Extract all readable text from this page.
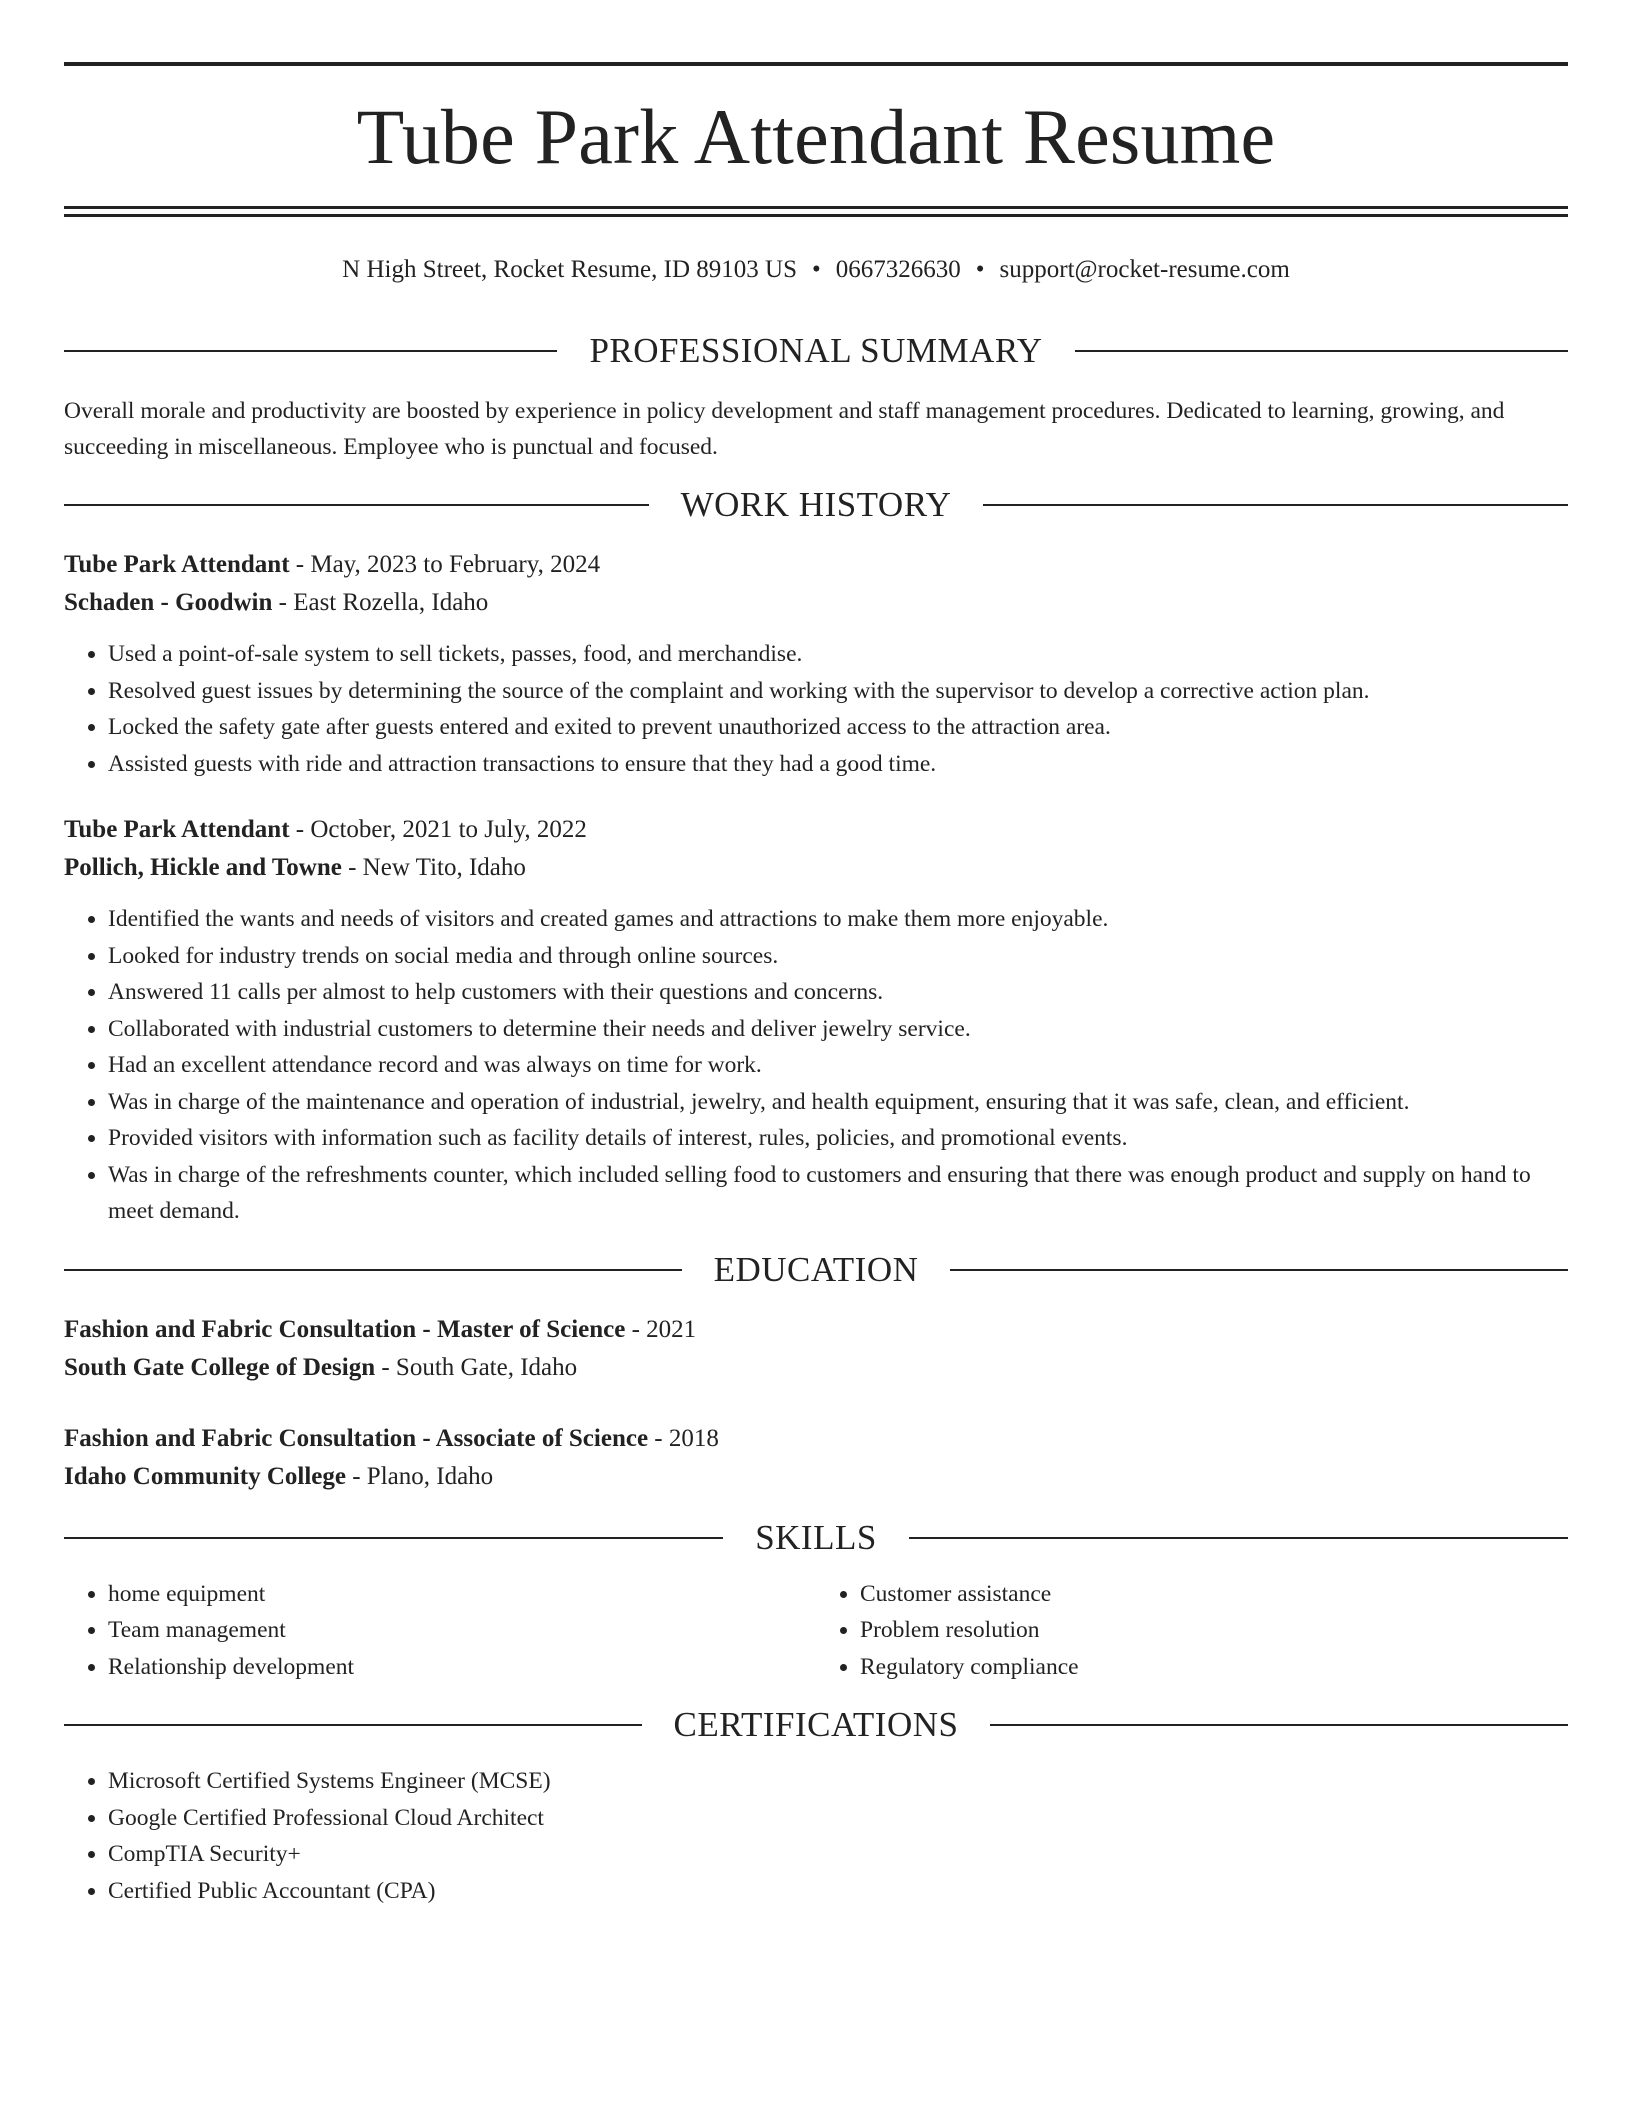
Tube Park Attendant Resume
N High Street, Rocket Resume, ID 89103 US • 0667326630 • support@rocket-resume.com
PROFESSIONAL SUMMARY
Overall morale and productivity are boosted by experience in policy development and staff management procedures. Dedicated to learning, growing, and succeeding in miscellaneous. Employee who is punctual and focused.
WORK HISTORY
Tube Park Attendant - May, 2023 to February, 2024
Schaden - Goodwin - East Rozella, Idaho
• Used a point-of-sale system to sell tickets, passes, food, and merchandise.
• Resolved guest issues by determining the source of the complaint and working with the supervisor to develop a corrective action plan.
• Locked the safety gate after guests entered and exited to prevent unauthorized access to the attraction area.
• Assisted guests with ride and attraction transactions to ensure that they had a good time.
Tube Park Attendant - October, 2021 to July, 2022
Pollich, Hickle and Towne - New Tito, Idaho
• Identified the wants and needs of visitors and created games and attractions to make them more enjoyable.
• Looked for industry trends on social media and through online sources.
• Answered 11 calls per almost to help customers with their questions and concerns.
• Collaborated with industrial customers to determine their needs and deliver jewelry service.
• Had an excellent attendance record and was always on time for work.
• Was in charge of the maintenance and operation of industrial, jewelry, and health equipment, ensuring that it was safe, clean, and efficient.
• Provided visitors with information such as facility details of interest, rules, policies, and promotional events.
• Was in charge of the refreshments counter, which included selling food to customers and ensuring that there was enough product and supply on hand to meet demand.
EDUCATION
Fashion and Fabric Consultation - Master of Science - 2021
South Gate College of Design - South Gate, Idaho
Fashion and Fabric Consultation - Associate of Science - 2018
Idaho Community College - Plano, Idaho
SKILLS
• home equipment
• Team management
• Relationship development
• Customer assistance
• Problem resolution
• Regulatory compliance
CERTIFICATIONS
• Microsoft Certified Systems Engineer (MCSE)
• Google Certified Professional Cloud Architect
• CompTIA Security+
• Certified Public Accountant (CPA)
